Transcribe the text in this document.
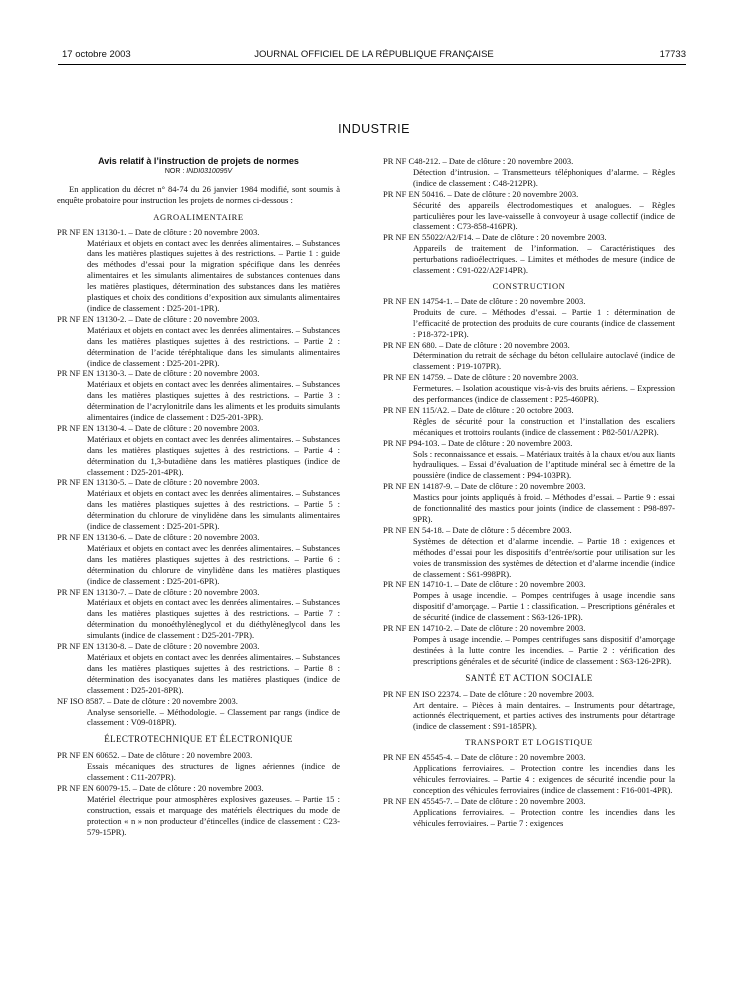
17 octobre 2003	JOURNAL OFFICIEL DE LA RÉPUBLIQUE FRANÇAISE	17733
INDUSTRIE
Avis relatif à l’instruction de projets de normes
NOR : INDI0310095V
En application du décret n° 84-74 du 26 janvier 1984 modifié, sont soumis à enquête probatoire pour instruction les projets de normes ci-dessous :
AGROALIMENTAIRE
PR NF EN 13130-1. – Date de clôture : 20 novembre 2003.
Matériaux et objets en contact avec les denrées alimentaires. – Substances dans les matières plastiques sujettes à des restrictions. – Partie 1 : guide des méthodes d’essai pour la migration spécifique dans les denrées alimentaires et les simulants alimentaires de substances contenues dans les matières plastiques, détermination des substances dans les matières plastiques et choix des conditions d’exposition aux simulants alimentaires (indice de classement : D25-201-1PR).
PR NF EN 13130-2. – Date de clôture : 20 novembre 2003.
Matériaux et objets en contact avec les denrées alimentaires. – Substances dans les matières plastiques sujettes à des restrictions. – Partie 2 : détermination de l’acide téréphtalique dans les simulants alimentaires (indice de classement : D25-201-2PR).
PR NF EN 13130-3. – Date de clôture : 20 novembre 2003.
Matériaux et objets en contact avec les denrées alimentaires. – Substances dans les matières plastiques sujettes à des restrictions. – Partie 3 : détermination de l’acrylonitrile dans les aliments et les produits simulants alimentaires (indice de classement : D25-201-3PR).
PR NF EN 13130-4. – Date de clôture : 20 novembre 2003.
Matériaux et objets en contact avec les denrées alimentaires. – Substances dans les matières plastiques sujettes à des restrictions. – Partie 4 : détermination du 1,3-butadiène dans les matières plastiques (indice de classement : D25-201-4PR).
PR NF EN 13130-5. – Date de clôture : 20 novembre 2003.
Matériaux et objets en contact avec les denrées alimentaires. – Substances dans les matières plastiques sujettes à des restrictions. – Partie 5 : détermination du chlorure de vinylidène dans les simulants alimentaires (indice de classement : D25-201-5PR).
PR NF EN 13130-6. – Date de clôture : 20 novembre 2003.
Matériaux et objets en contact avec les denrées alimentaires. – Substances dans les matières plastiques sujettes à des restrictions. – Partie 6 : détermination du chlorure de vinylidène dans les matières plastiques (indice de classement : D25-201-6PR).
PR NF EN 13130-7. – Date de clôture : 20 novembre 2003.
Matériaux et objets en contact avec les denrées alimentaires. – Substances dans les matières plastiques sujettes à des restrictions. – Partie 7 : détermination du monoéthylèneglycol et du diéthylèneglycol dans les simulants (indice de classement : D25-201-7PR).
PR NF EN 13130-8. – Date de clôture : 20 novembre 2003.
Matériaux et objets en contact avec les denrées alimentaires. – Substances dans les matières plastiques sujettes à des restrictions. – Partie 8 : détermination des isocyanates dans les matières plastiques (indice de classement : D25-201-8PR).
NF ISO 8587. – Date de clôture : 20 novembre 2003.
Analyse sensorielle. – Méthodologie. – Classement par rangs (indice de classement : V09-018PR).
ÉLECTROTECHNIQUE ET ÉLECTRONIQUE
PR NF EN 60652. – Date de clôture : 20 novembre 2003.
Essais mécaniques des structures de lignes aériennes (indice de classement : C11-207PR).
PR NF EN 60079-15. – Date de clôture : 20 novembre 2003.
Matériel électrique pour atmosphères explosives gazeuses. – Partie 15 : construction, essais et marquage des matériels électriques du mode de protection « n » non producteur d’étincelles (indice de classement : C23-579-15PR).
PR NF C48-212. – Date de clôture : 20 novembre 2003.
Détection d’intrusion. – Transmetteurs téléphoniques d’alarme. – Règles (indice de classement : C48-212PR).
PR NF EN 50416. – Date de clôture : 20 novembre 2003.
Sécurité des appareils électrodomestiques et analogues. – Règles particulières pour les lave-vaisselle à convoyeur à usage collectif (indice de classement : C73-858-416PR).
PR NF EN 55022/A2/F14. – Date de clôture : 20 novembre 2003.
Appareils de traitement de l’information. – Caractéristiques des perturbations radioélectriques. – Limites et méthodes de mesure (indice de classement : C91-022/A2F14PR).
CONSTRUCTION
PR NF EN 14754-1. – Date de clôture : 20 novembre 2003.
Produits de cure. – Méthodes d’essai. – Partie 1 : détermination de l’efficacité de protection des produits de cure courants (indice de classement : P18-372-1PR).
PR NF EN 680. – Date de clôture : 20 novembre 2003.
Détermination du retrait de séchage du béton cellulaire autoclavé (indice de classement : P19-107PR).
PR NF EN 14759. – Date de clôture : 20 novembre 2003.
Fermetures. – Isolation acoustique vis-à-vis des bruits aériens. – Expression des performances (indice de classement : P25-460PR).
PR NF EN 115/A2. – Date de clôture : 20 octobre 2003.
Règles de sécurité pour la construction et l’installation des escaliers mécaniques et trottoirs roulants (indice de classement : P82-501/A2PR).
PR NF P94-103. – Date de clôture : 20 novembre 2003.
Sols : reconnaissance et essais. – Matériaux traités à la chaux et/ou aux liants hydrauliques. – Essai d’évaluation de l’aptitude minéral sec à émettre de la poussière (indice de classement : P94-103PR).
PR NF EN 14187-9. – Date de clôture : 20 novembre 2003.
Mastics pour joints appliqués à froid. – Méthodes d’essai. – Partie 9 : essai de fonctionnalité des mastics pour joints (indice de classement : P98-897-9PR).
PR NF EN 54-18. – Date de clôture : 5 décembre 2003.
Systèmes de détection et d’alarme incendie. – Partie 18 : exigences et méthodes d’essai pour les dispositifs d’entrée/sortie pour utilisation sur les voies de transmission des systèmes de détection et d’alarme incendie (indice de classement : S61-998PR).
PR NF EN 14710-1. – Date de clôture : 20 novembre 2003.
Pompes à usage incendie. – Pompes centrifuges à usage incendie sans dispositif d’amorçage. – Partie 1 : classification. – Prescriptions générales et de sécurité (indice de classement : S63-126-1PR).
PR NF EN 14710-2. – Date de clôture : 20 novembre 2003.
Pompes à usage incendie. – Pompes centrifuges sans dispositif d’amorçage destinées à la lutte contre les incendies. – Partie 2 : vérification des prescriptions générales et de sécurité (indice de classement : S63-126-2PR).
SANTÉ ET ACTION SOCIALE
PR NF EN ISO 22374. – Date de clôture : 20 novembre 2003.
Art dentaire. – Pièces à main dentaires. – Instruments pour détartrage, actionnés électriquement, et parties actives des instruments pour détartrage (indice de classement : S91-185PR).
TRANSPORT ET LOGISTIQUE
PR NF EN 45545-4. – Date de clôture : 20 novembre 2003.
Applications ferroviaires. – Protection contre les incendies dans les véhicules ferroviaires. – Partie 4 : exigences de sécurité incendie pour la conception des véhicules ferroviaires (indice de classement : F16-001-4PR).
PR NF EN 45545-7. – Date de clôture : 20 novembre 2003.
Applications ferroviaires. – Protection contre les incendies dans les véhicules ferroviaires. – Partie 7 : exigences
